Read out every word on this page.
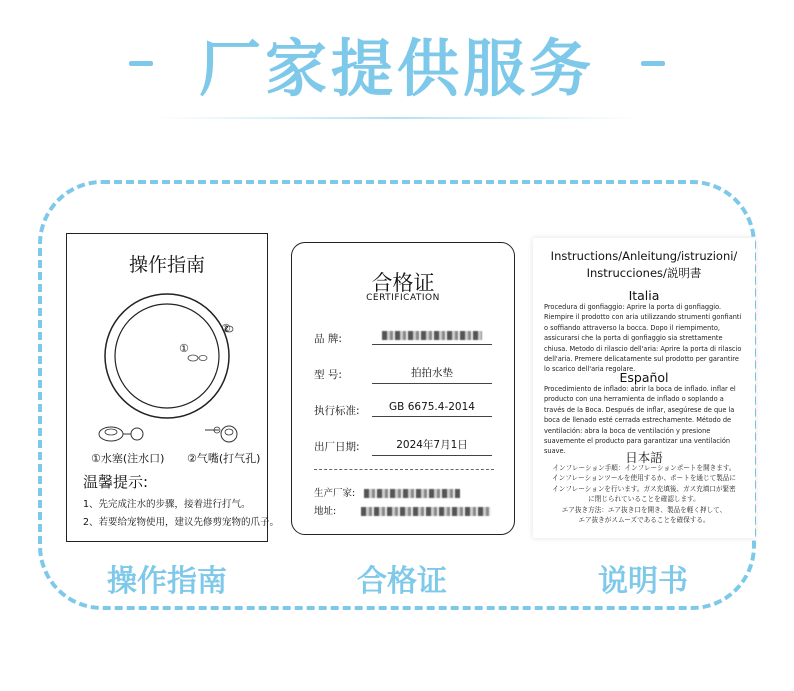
厂家提供服务
操作指南
①
②
①水塞(注水口) ②气嘴(打气孔)
温馨提示:
1、先完成注水的步骤，接着进行打气。
2、若要给宠物使用，建议先修剪宠物的爪子。
操作指南
合格证
CERTIFICATION
品 牌:
型 号:	拍拍水垫
执行标准:	GB 6675.4-2014
出厂日期:	2024年7月1日
生产厂家:
地址:
合格证
Instructions/Anleitung/istruzioni/
Instrucciones/説明書
Italia
Procedura di gonfiaggio: Aprire la porta di gonfiaggio. Riempire il prodotto con aria utilizzando strumenti gonfianti o soffiando attraverso la bocca. Dopo il riempimento, assicurarsi che la porta di gonfiaggio sia strettamente chiusa. Metodo di rilascio dell'aria: Aprire la porta di rilascio dell'aria. Premere delicatamente sul prodotto per garantire lo scarico dell'aria regolare.
Español
Procedimiento de inflado: abrir la boca de inflado. inflar el producto con una herramienta de inflado o soplando a través de la Boca. Después de inflar, asegúrese de que la boca de llenado esté cerrada estrechamente. Método de ventilación: abra la boca de ventilación y presione suavemente el producto para garantizar una ventilación suave.	日本語
インフレーション手順：インフレーションポートを開きます。
インフレーションツールを使用するか、ポートを通じて製品に
インフレーションを行います。ガス充填後、ガス充填口が緊密
に閉じられていることを確認します。
エア抜き方法：エア抜き口を開き、製品を軽く押して、
エア抜きがスムーズであることを確保する。
说明书
